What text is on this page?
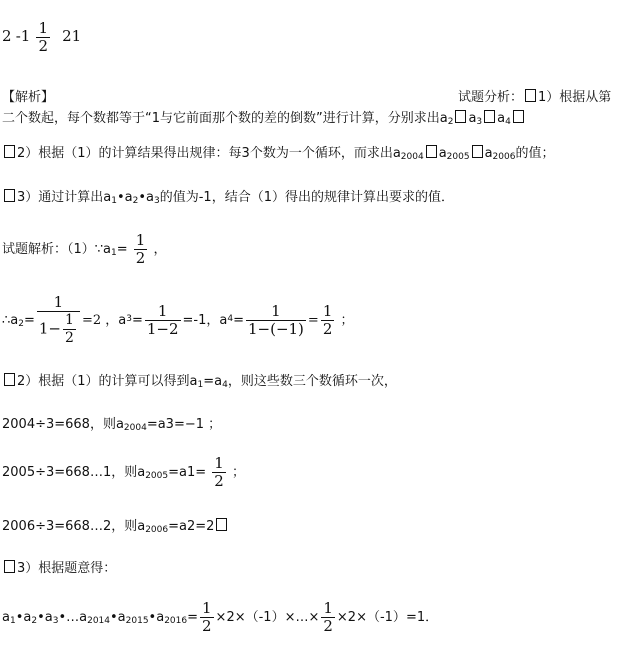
2 $-1 \frac{1}{2} 21$
【解析】	试题分析： 1）根据从第
二个数起，每个数都等于“1与它前面那个数的差的倒数”进行计算，分别求出$a_2$ $a_3$ $a_4$
2）根据（1）的计算结果得出规律：每3个数为一个循环，而求出$a_{2004}$ $a_{2005}$ $a_{2006}$的值；
3）通过计算出$a_1•a_2•a_3$的值为-1，结合（1）得出的规律计算出要求的值．
试题解析：$(1)\because a_1= \frac{1}{2}$ ，
$\therefore a_2= \frac{1}{1- \frac{1}{2}} =2$ ，$a^3= \frac{1}{1-2} =-1$，$a^4= \frac{1}{1-(-1)} = \frac{1}{2}$ ；
2）根据（1）的计算可以得到$a_1=a_4$，则这些数三个数循环一次，
2004÷3=668，则$a_{2004}=a3=-1$ ；
2005÷3=668…1，则$a_{2005}=a1= \frac{1}{2}$ ；
2006÷3=668…2，则$a_{2006}=a2=2$
3）根据题意得：
$a_1•a_2•a_3•\dots a_{2014}•a_{2015}•a_{2016}= \frac{1}{2}$ ×2×（-1）×…× $\frac{1}{2} \times 2\times(-1)=1$．
